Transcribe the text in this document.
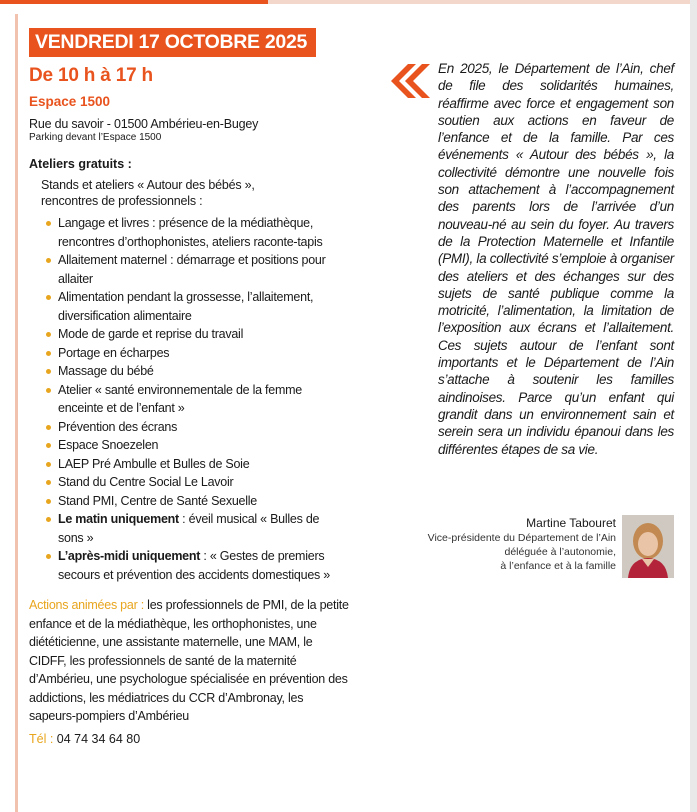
VENDREDI 17 OCTOBRE 2025
De 10 h à 17 h
Espace 1500
Rue du savoir - 01500 Ambérieu-en-Bugey
Parking devant l’Espace 1500
Ateliers gratuits :
Stands et ateliers « Autour des bébés »,
rencontres de professionnels :
Langage et livres : présence de la médiathèque, rencontres d’orthophonistes, ateliers raconte-tapis
Allaitement maternel : démarrage et positions pour allaiter
Alimentation pendant la grossesse, l’allaitement, diversification alimentaire
Mode de garde et reprise du travail
Portage en écharpes
Massage du bébé
Atelier « santé environnementale de la femme enceinte et de l’enfant »
Prévention des écrans
Espace Snoezelen
LAEP Pré Ambulle et Bulles de Soie
Stand du Centre Social Le Lavoir
Stand PMI, Centre de Santé Sexuelle
Le matin uniquement : éveil musical « Bulles de sons »
L’après-midi uniquement : « Gestes de premiers secours et prévention des accidents domestiques »
Actions animées par : les professionnels de PMI, de la petite enfance et de la médiathèque, les orthophonistes, une diététicienne, une assistante maternelle, une MAM, le CIDFF, les professionnels de santé de la maternité d’Ambérieu, une psychologue spécialisée en prévention des addictions, les médiatrices du CCR d’Ambronay, les sapeurs-pompiers d’Ambérieu
Tél : 04 74 34 64 80

En 2025, le Département de l’Ain, chef de file des solidarités humaines, réaffirme avec force et engagement son soutien aux actions en faveur de l’enfance et de la famille. Par ces événements « Autour des bébés », la collectivité démontre une nouvelle fois son attachement à l’accompagnement des parents lors de l’arrivée d’un nouveau-né au sein du foyer. Au travers de la Protection Maternelle et Infantile (PMI), la collectivité s’emploie à organiser des ateliers et des échanges sur des sujets de santé publique comme la motricité, l’alimentation, la limitation de l’exposition aux écrans et l’allaitement. Ces sujets autour de l’enfant sont importants et le Département de l’Ain s’attache à soutenir les familles aindinoises. Parce qu’un enfant qui grandit dans un environnement sain et serein sera un individu épanoui dans les différentes étapes de sa vie.

Martine Tabouret
Vice-présidente du Département de l’Ain
déléguée à l’autonomie,
à l’enfance et à la famille
